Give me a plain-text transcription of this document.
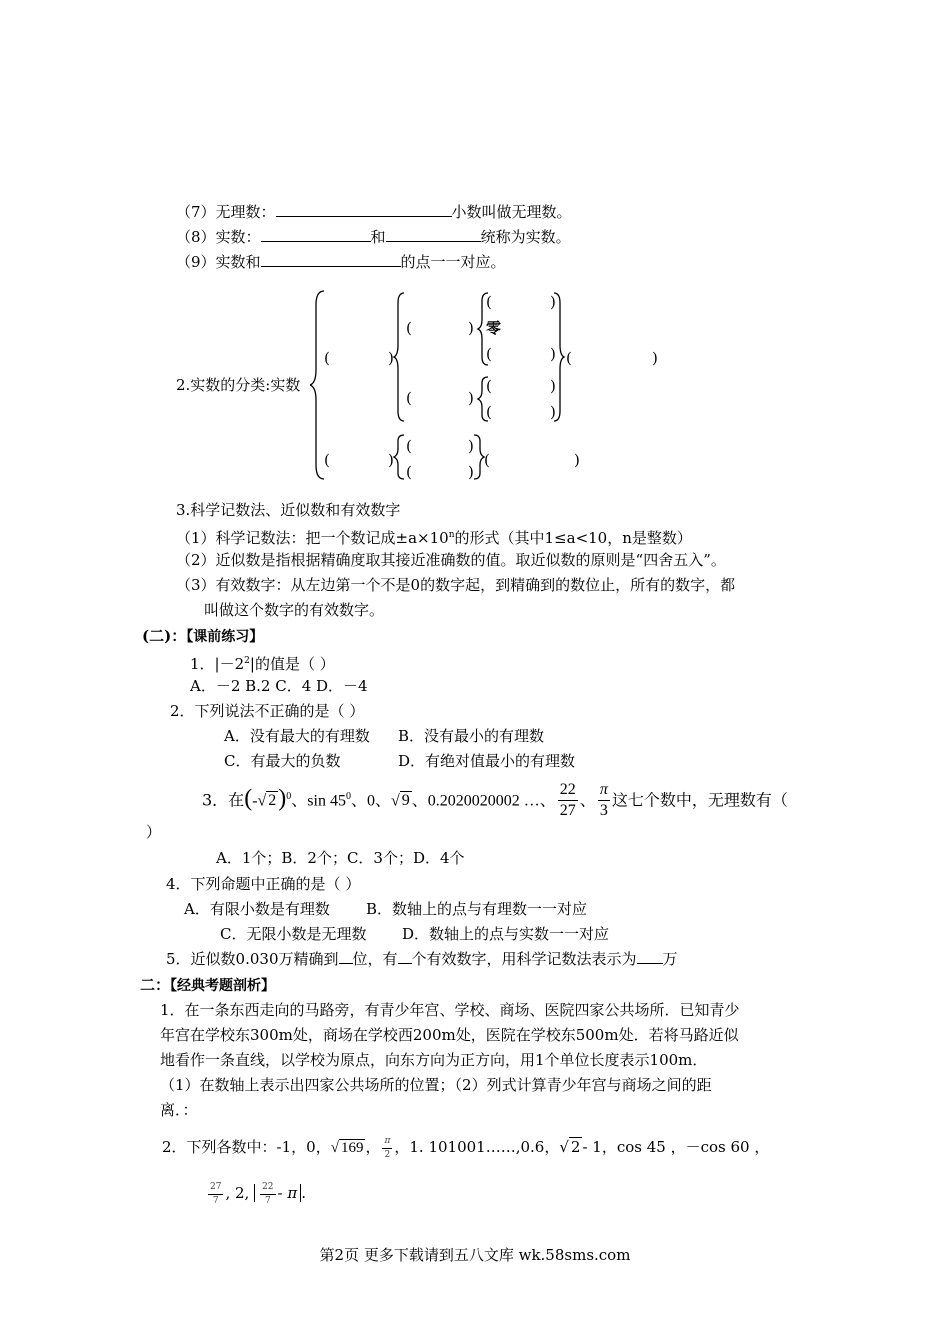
（7）无理数：	小数叫做无理数。
（8）实数：	和	统称为实数。
（9）实数和	的点一一对应。
2.实数的分类:实数
(	)
(	)
(	)
(	)
零
(	)
(	)
(	)
(	)
(	)
(	)
(	)
(	)
3.科学记数法、近似数和有效数字
（1）科学记数法：把一个数记成$\pm a\times 10^n$的形式（其中1≤a<10，n是整数）
（2）近似数是指根据精确度取其接近准确数的值。取近似数的原则是“四舍五入”。
（3）有效数字：从左边第一个不是0的数字起，到精确到的数位止，所有的数字，都
叫做这个数字的有效数字。
(二)：【课前练习】
1．$|-2^2|$的值是（ ）
A．－2 B.2 C．4 D．－4
2．下列说法不正确的是（ ）
A．没有最大的有理数 B．没有最小的有理数
C．有最大的负数	D．有绝对值最小的有理数
3．在(-√ 2)$^0$、$\sin 45^0$、0、√ 9 、0.2020020002 …、 $\frac{22}{27}$ 、 $\frac{\pi}{3}$ 这七个数中，无理数有（
）
A．1个；B．2个；C．3个；D．4个
4．下列命题中正确的是（ ）
A．有限小数是有理数 B．数轴上的点与有理数一一对应
C．无限小数是无理数 D．数轴上的点与实数一一对应
5．近似数0.030万精确到 位，有 个有效数字，用科学记数法表示为 万
二：【经典考题剖析】
1．在一条东西走向的马路旁，有青少年宫、学校、商场、医院四家公共场所．已知青少
年宫在学校东300m处，商场在学校西200m处，医院在学校东500m处．若将马路近似
地看作一条直线，以学校为原点，向东方向为正方向，用1个单位长度表示100m．
（1）在数轴上表示出四家公共场所的位置；（2）列式计算青少年宫与商场之间的距
离．：
2．下列各数中：-1，0，√ 169 ， $\frac{\pi}{2}$ ，1. 101001……,0.6，√ 2 - 1，cos 45 ，－cos 60 ，
$\frac{27}{7}$ , 2, $\frac{22}{7}$ - π .
第2页 更多下载请到五八文库 wk.58sms.com
